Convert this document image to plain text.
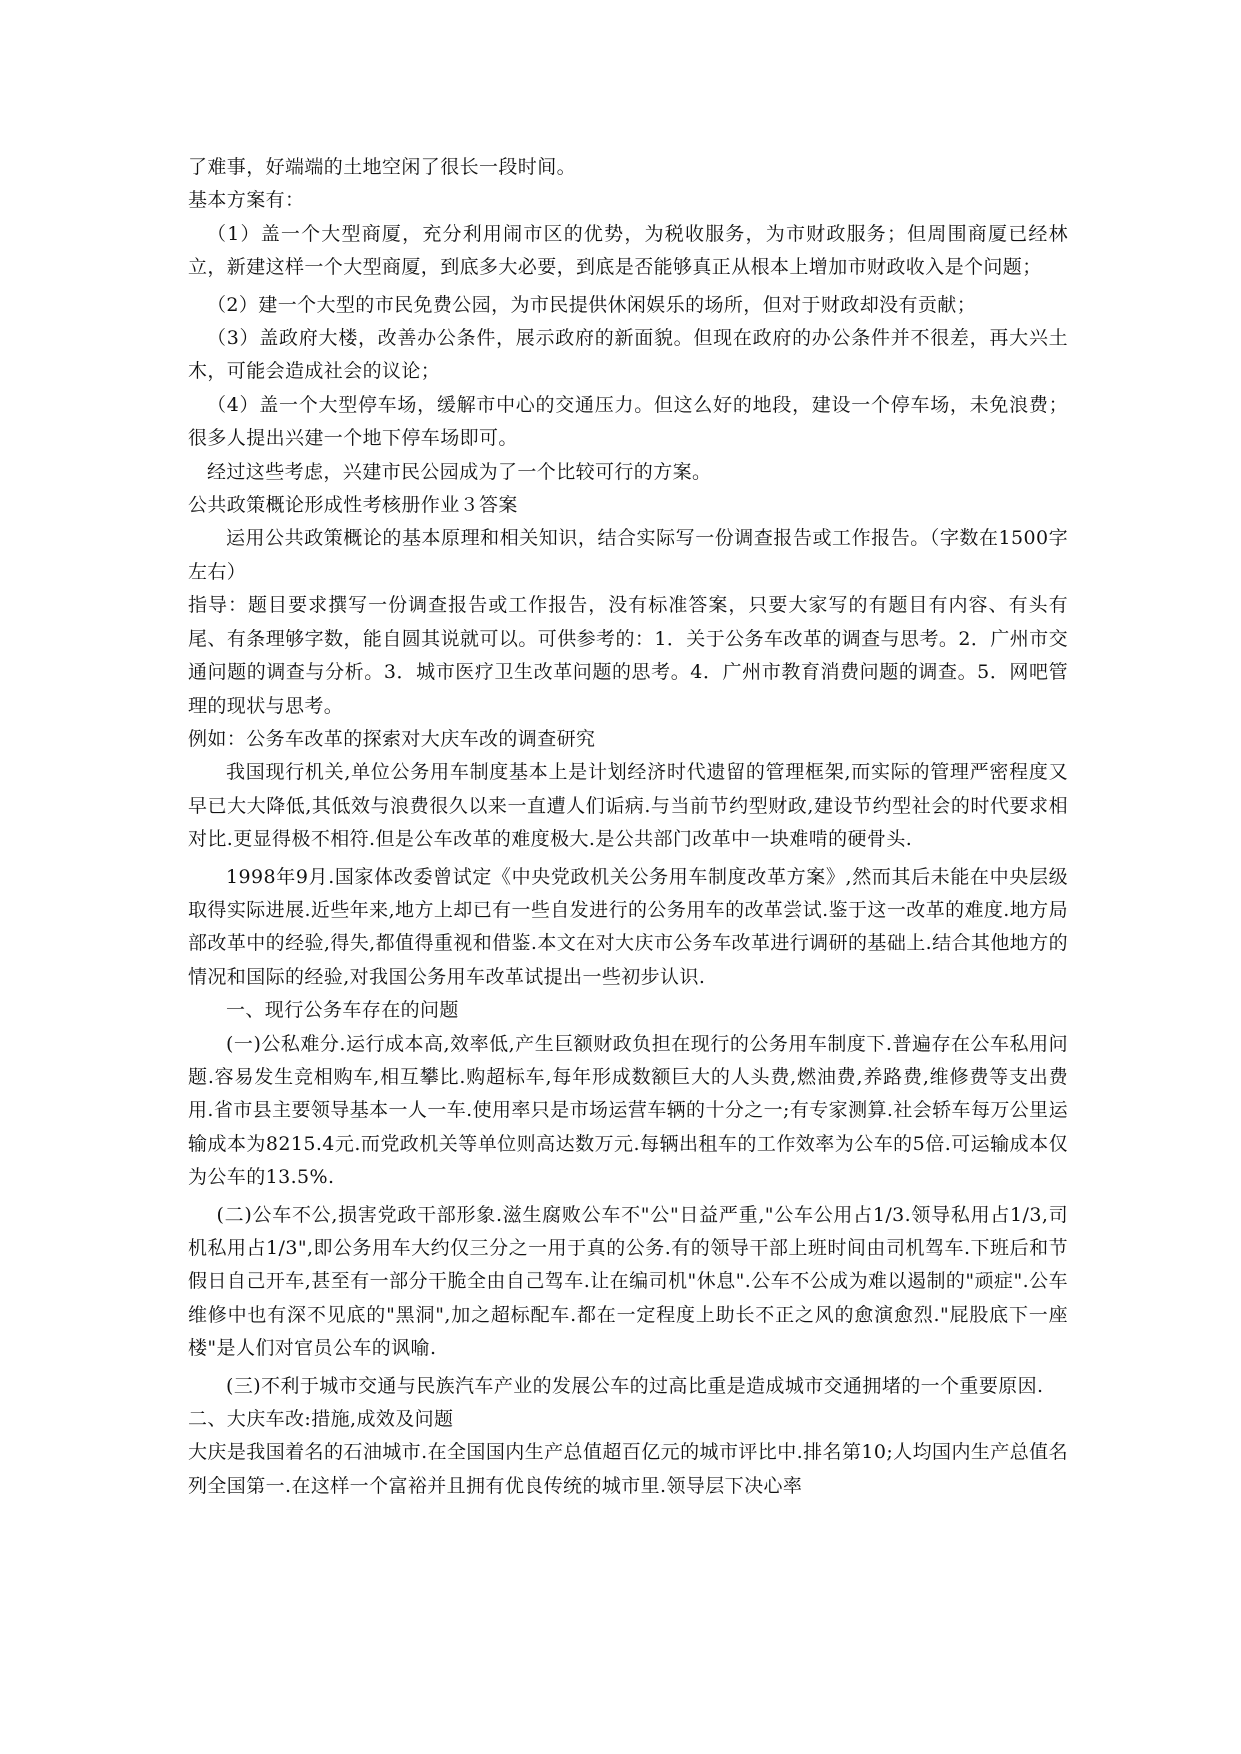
了难事，好端端的土地空闲了很长一段时间。

基本方案有：

（1）盖一个大型商厦，充分利用闹市区的优势，为税收服务，为市财政服务；但周围商厦已经林立，新建这样一个大型商厦，到底多大必要，到底是否能够真正从根本上增加市财政收入是个问题；

（2）建一个大型的市民免费公园，为市民提供休闲娱乐的场所，但对于财政却没有贡献；

（3）盖政府大楼，改善办公条件，展示政府的新面貌。但现在政府的办公条件并不很差，再大兴土木，可能会造成社会的议论；

（4）盖一个大型停车场，缓解市中心的交通压力。但这么好的地段，建设一个停车场，未免浪费；很多人提出兴建一个地下停车场即可。

经过这些考虑，兴建市民公园成为了一个比较可行的方案。

公共政策概论形成性考核册作业３答案

运用公共政策概论的基本原理和相关知识，结合实际写一份调查报告或工作报告。（字数在1500字左右）

指导：题目要求撰写一份调查报告或工作报告，没有标准答案，只要大家写的有题目有内容、有头有尾、有条理够字数，能自圆其说就可以。可供参考的：1．关于公务车改革的调查与思考。2．广州市交通问题的调查与分析。3．城市医疗卫生改革问题的思考。4．广州市教育消费问题的调查。5．网吧管理的现状与思考。

例如：公务车改革的探索对大庆车改的调查研究

我国现行机关,单位公务用车制度基本上是计划经济时代遗留的管理框架,而实际的管理严密程度又早已大大降低,其低效与浪费很久以来一直遭人们诟病.与当前节约型财政,建设节约型社会的时代要求相对比.更显得极不相符.但是公车改革的难度极大.是公共部门改革中一块难啃的硬骨头.

1998年9月.国家体改委曾试定《中央党政机关公务用车制度改革方案》,然而其后未能在中央层级取得实际进展.近些年来,地方上却已有一些自发进行的公务用车的改革尝试.鉴于这一改革的难度.地方局部改革中的经验,得失,都值得重视和借鉴.本文在对大庆市公务车改革进行调研的基础上.结合其他地方的情况和国际的经验,对我国公务用车改革试提出一些初步认识.

一、现行公务车存在的问题

(一)公私难分.运行成本高,效率低,产生巨额财政负担在现行的公务用车制度下.普遍存在公车私用问题.容易发生竞相购车,相互攀比.购超标车,每年形成数额巨大的人头费,燃油费,养路费,维修费等支出费用.省市县主要领导基本一人一车.使用率只是市场运营车辆的十分之一;有专家测算.社会轿车每万公里运输成本为8215.4元.而党政机关等单位则高达数万元.每辆出租车的工作效率为公车的5倍.可运输成本仅为公车的13.5%.

(二)公车不公,损害党政干部形象.滋生腐败公车不"公"日益严重,"公车公用占1/3.领导私用占1/3,司机私用占1/3",即公务用车大约仅三分之一用于真的公务.有的领导干部上班时间由司机驾车.下班后和节假日自己开车,甚至有一部分干脆全由自己驾车.让在编司机"休息".公车不公成为难以遏制的"顽症".公车维修中也有深不见底的"黑洞",加之超标配车.都在一定程度上助长不正之风的愈演愈烈."屁股底下一座楼"是人们对官员公车的讽喻.

(三)不利于城市交通与民族汽车产业的发展公车的过高比重是造成城市交通拥堵的一个重要原因.

二、大庆车改:措施,成效及问题

大庆是我国着名的石油城市.在全国国内生产总值超百亿元的城市评比中.排名第10;人均国内生产总值名列全国第一.在这样一个富裕并且拥有优良传统的城市里.领导层下决心率
